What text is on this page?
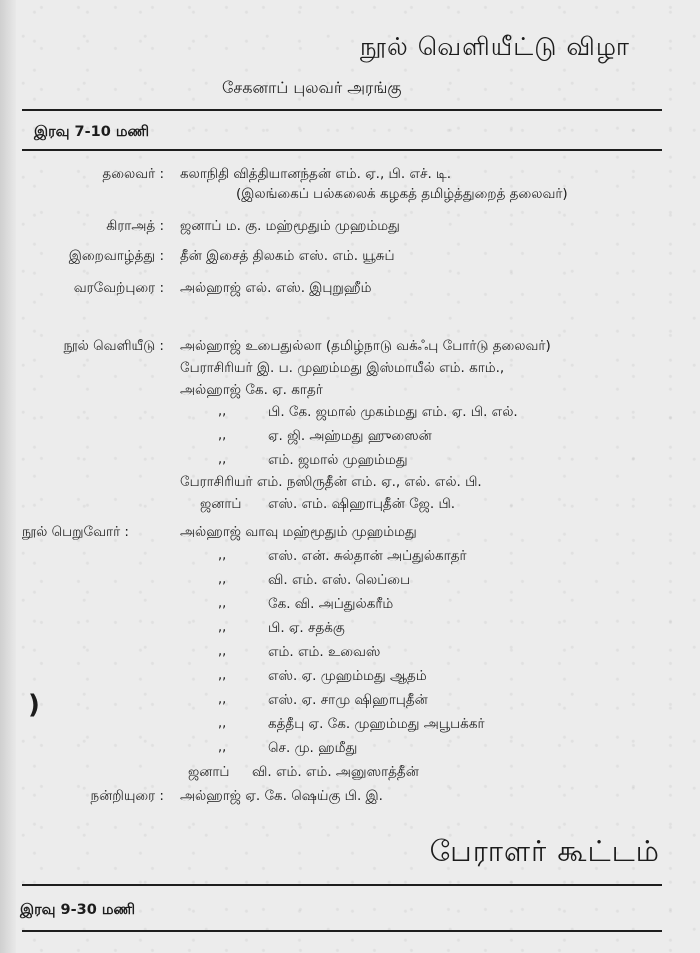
நூல் வெளியீட்டு விழா
சேகனாப் புலவர் அரங்கு
இரவு 7-10 மணி
தலைவர் : கலாநிதி வித்தியானந்தன் எம். ஏ., பி. எச். டி.
(இலங்கைப் பல்கலைக் கழகத் தமிழ்த்துறைத் தலைவர்)
கிராஅத் : ஜனாப் ம. கு. மஹ்மூதும் முஹம்மது
இறைவாழ்த்து : தீன் இசைத் திலகம் எஸ். எம். யூசுப்
வரவேற்புரை : அல்ஹாஜ் எல். எஸ். இபுறுஹீம்
நூல் வெளியீடு : அல்ஹாஜ் உபைதுல்லா (தமிழ்நாடு வக்ஃபு போர்டு தலைவர்)
பேராசிரியர் இ. ப. முஹம்மது இஸ்மாயீல் எம். காம்.,
அல்ஹாஜ் கே. ஏ. காதர்
,,	பி. கே. ஜமால் முகம்மது எம். ஏ. பி. எல்.
,,	ஏ. ஜி. அஹ்மது ஹுஸைன்
,,	எம். ஜமால் முஹம்மது
பேராசிரியர் எம். நஸிருதீன் எம். ஏ., எல். எல். பி.
ஜனாப் எஸ். எம். ஷிஹாபுதீன் ஜே. பி.
நூல் பெறுவோர் :	அல்ஹாஜ் வாவு மஹ்மூதும் முஹம்மது
,,	எஸ். என். சுல்தான் அப்துல்காதர்
,,	வி. எம். எஸ். லெப்பை
,,	கே. வி. அப்துல்கரீம்
,,	பி. ஏ. சதக்கு
,,	எம். எம். உவைஸ்
,,	எஸ். ஏ. முஹம்மது ஆதம்
,,	எஸ். ஏ. சாமு ஷிஹாபுதீன்
,,	கத்தீபு ஏ. கே. முஹம்மது அபூபக்கர்
,,	செ. மு. ஹமீது
ஜனாப் வி. எம். எம். அனுஸாத்தீன்
நன்றியுரை : அல்ஹாஜ் ஏ. கே. ஷெய்கு பி. இ.
பேராளர் கூட்டம்
இரவு 9-30 மணி
)
